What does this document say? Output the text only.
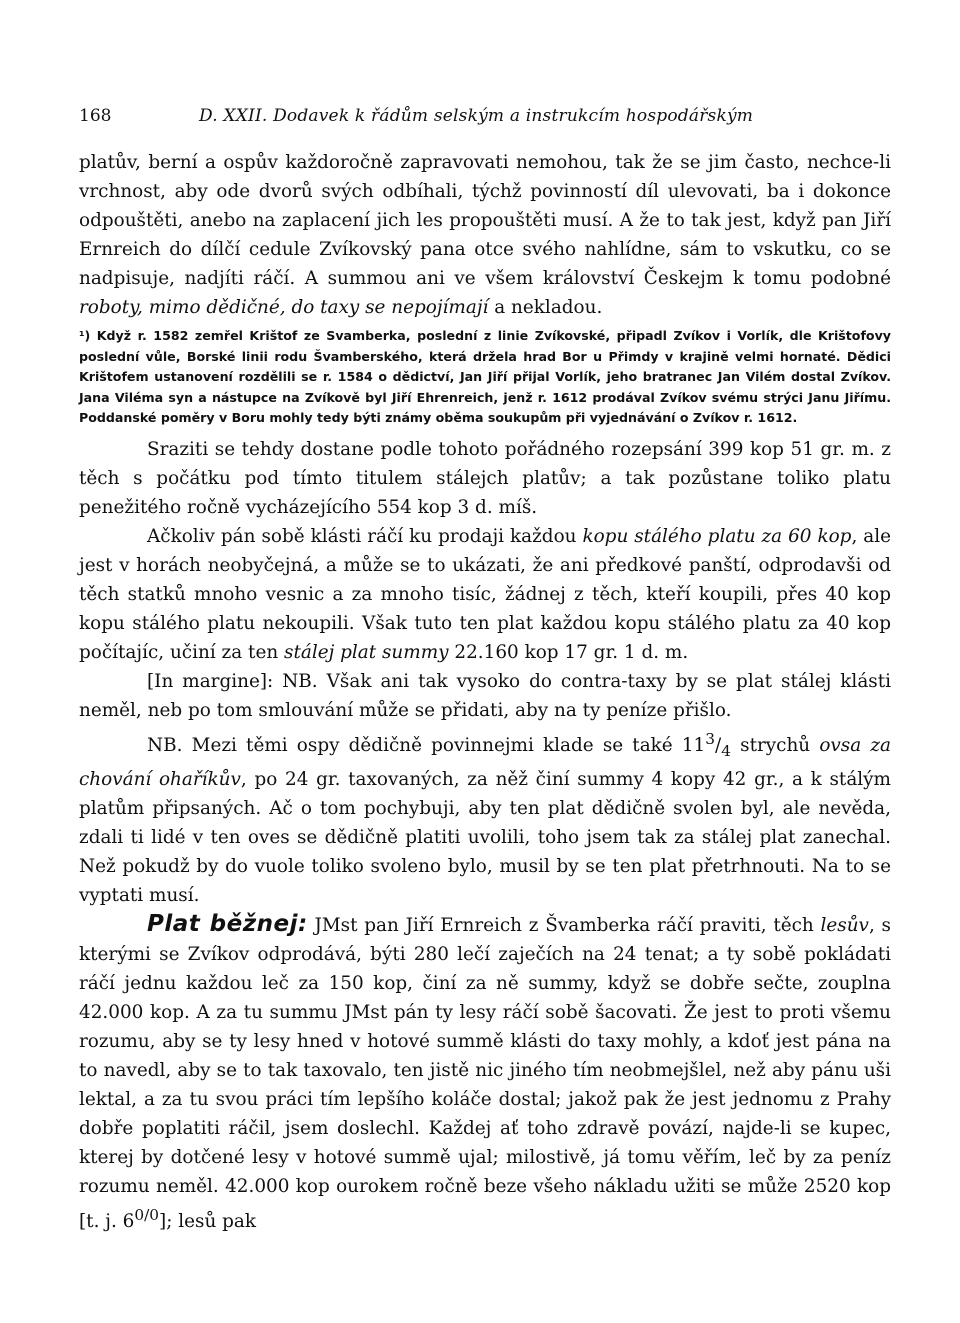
168	D. XXII. Dodavek k řádům selským a instrukcím hospodářským

platův, berní a ospův každoročně zapravovati nemohou, tak že se jim často, nechce-li vrchnost, aby ode dvorů svých odbíhali, týchž povinností díl ulevovati, ba i dokonce odpouštěti, anebo na zaplacení jich les propouštěti musí. A že to tak jest, když pan Jiří Ernreich do dílčí cedule Zvíkovský pana otce svého nahlídne, sám to vskutku, co se nadpisuje, nadjíti ráčí. A summou ani ve všem království Českejm k tomu podobné roboty, mimo dědičné, do taxy se nepojímají a nekladou.

¹) Když r. 1582 zemřel Krištof ze Svamberka, poslední z linie Zvíkovské, připadl Zvíkov i Vorlík, dle Krištofovy poslední vůle, Borské linii rodu Švamberského, která držela hrad Bor u Přimdy v krajině velmi hornaté. Dědici Krištofem ustanovení rozdělili se r. 1584 o dědictví, Jan Jiří přijal Vorlík, jeho bratranec Jan Vilém dostal Zvíkov. Jana Viléma syn a nástupce na Zvíkově byl Jiří Ehrenreich, jenž r. 1612 prodával Zvíkov svému strýci Janu Jiřímu. Poddanské poměry v Boru mohly tedy býti známy oběma soukupům při vyjednávání o Zvíkov r. 1612.

Sraziti se tehdy dostane podle tohoto pořádného rozepsání 399 kop 51 gr. m. z těch s počátku pod tímto titulem stálejch platův; a tak pozůstane toliko platu penežitého ročně vycházejícího 554 kop 3 d. míš.

Ačkoliv pán sobě klásti ráčí ku prodaji každou kopu stálého platu za 60 kop, ale jest v horách neobyčejná, a může se to ukázati, že ani předkové panští, odprodavši od těch statků mnoho vesnic a za mnoho tisíc, žádnej z těch, kteří koupili, přes 40 kop kopu stálého platu nekoupili. Však tuto ten plat každou kopu stálého platu za 40 kop počítajíc, učiní za ten stálej plat summy 22.160 kop 17 gr. 1 d. m.

[In margine]: NB. Však ani tak vysoko do contra-taxy by se plat stálej klásti neměl, neb po tom smlouvání může se přidati, aby na ty peníze přišlo.

NB. Mezi těmi ospy dědičně povinnejmi klade se také $11^3/_4$ strychů ovsa za chování ohaříkův, po 24 gr. taxovaných, za něž činí summy 4 kopy 42 gr., a k stálým platům připsaných. Ač o tom pochybuji, aby ten plat dědičně svolen byl, ale nevěda, zdali ti lidé v ten oves se dědičně platiti uvolili, toho jsem tak za stálej plat zanechal. Než pokudž by do vuole toliko svoleno bylo, musil by se ten plat přetrhnouti. Na to se vyptati musí.

Plat běžnej: JMst pan Jiří Ernreich z Švamberka ráčí praviti, těch lesův, s kterými se Zvíkov odprodává, býti 280 lečí zaječích na 24 tenat; a ty sobě pokládati ráčí jednu každou leč za 150 kop, činí za ně summy, když se dobře sečte, zouplna 42.000 kop. A za tu summu JMst pán ty lesy ráčí sobě šacovati. Že jest to proti všemu rozumu, aby se ty lesy hned v hotové summě klásti do taxy mohly, a kdoť jest pána na to navedl, aby se to tak taxovalo, ten jistě nic jiného tím neobmejšlel, než aby pánu uši lektal, a za tu svou práci tím lepšího koláče dostal; jakož pak že jest jednomu z Prahy dobře poplatiti ráčil, jsem doslechl. Každej ať toho zdravě povází, najde-li se kupec, kterej by dotčené lesy v hotové summě ujal; milostivě, já tomu věřím, leč by za peníz rozumu neměl. 42.000 kop ourokem ročně beze všeho nákladu užiti se může 2520 kop [t. j. $6^{0/0}$]; lesů pak
